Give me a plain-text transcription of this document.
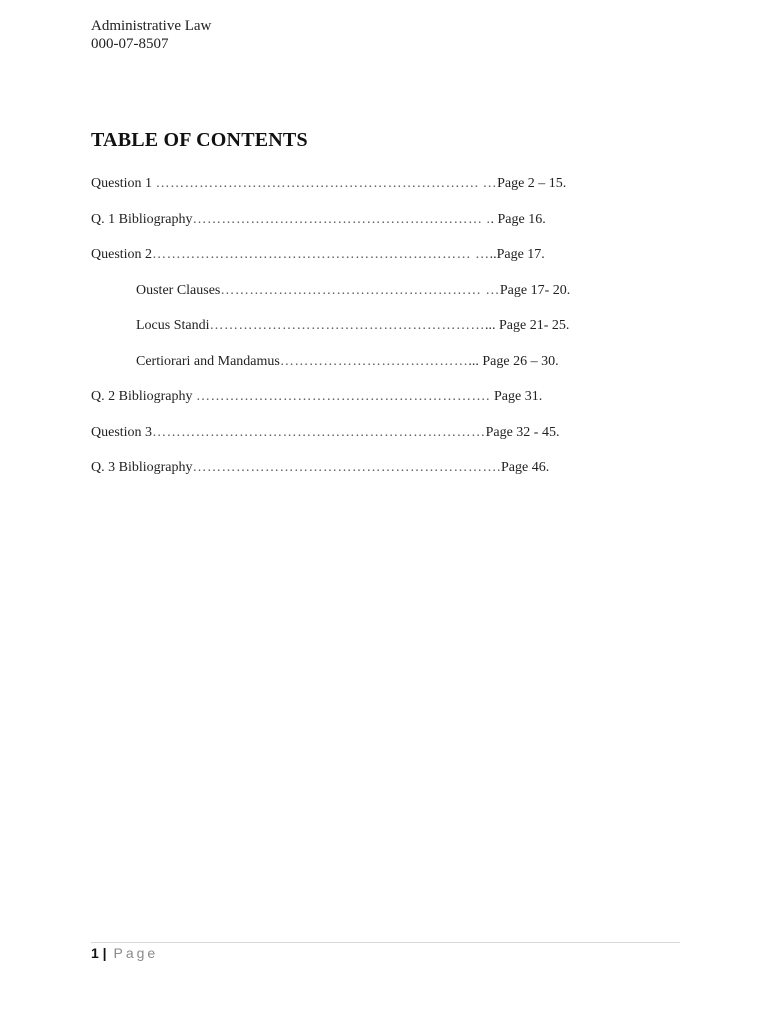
Administrative Law
000-07-8507
TABLE OF CONTENTS
Question 1 …………………………………………………………. …Page 2 – 15.
Q. 1 Bibliography…………………………………………………… .. Page 16.
Question 2………………………………………………………… …..Page 17.
Ouster Clauses……………………………………………… …Page 17- 20.
Locus Standi…………………………………………………... Page 21- 25.
Certiorari and Mandamus…………………………………... Page 26 – 30.
Q. 2 Bibliography ……………………………………………………. Page 31.
Question 3……………………………………………………………Page 32 - 45.
Q. 3 Bibliography……………………………………………………….Page 46.
1 | Page
